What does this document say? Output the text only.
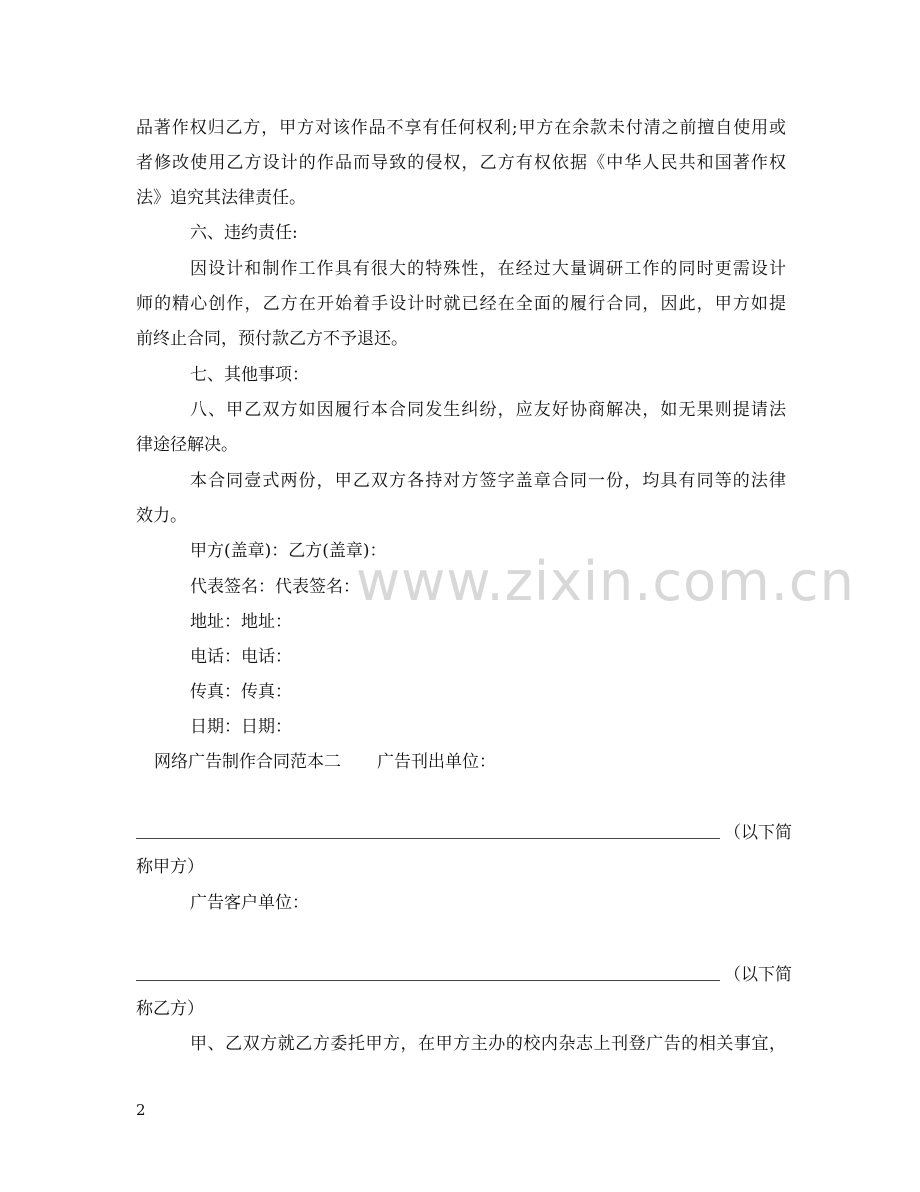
品著作权归乙方，甲方对该作品不享有任何权利;甲方在余款未付清之前擅自使用或
者修改使用乙方设计的作品而导致的侵权，乙方有权依据《中华人民共和国著作权
法》追究其法律责任。
六、违约责任:
因设计和制作工作具有很大的特殊性，在经过大量调研工作的同时更需设计
师的精心创作，乙方在开始着手设计时就已经在全面的履行合同，因此，甲方如提
前终止合同，预付款乙方不予退还。
七、其他事项：
八、甲乙双方如因履行本合同发生纠纷，应友好协商解决，如无果则提请法
律途径解决。
本合同壹式两份，甲乙双方各持对方签字盖章合同一份，均具有同等的法律
效力。
甲方(盖章)：乙方(盖章)：
代表签名：代表签名：
地址：地址：
电话：电话：
传真：传真：
日期：日期：
网络广告制作合同范本二 广告刊出单位：
（以下简
称甲方）
广告客户单位：
（以下简
称乙方）
甲、乙双方就乙方委托甲方，在甲方主办的校内杂志上刊登广告的相关事宜，
www.zixin.com.cn
2
